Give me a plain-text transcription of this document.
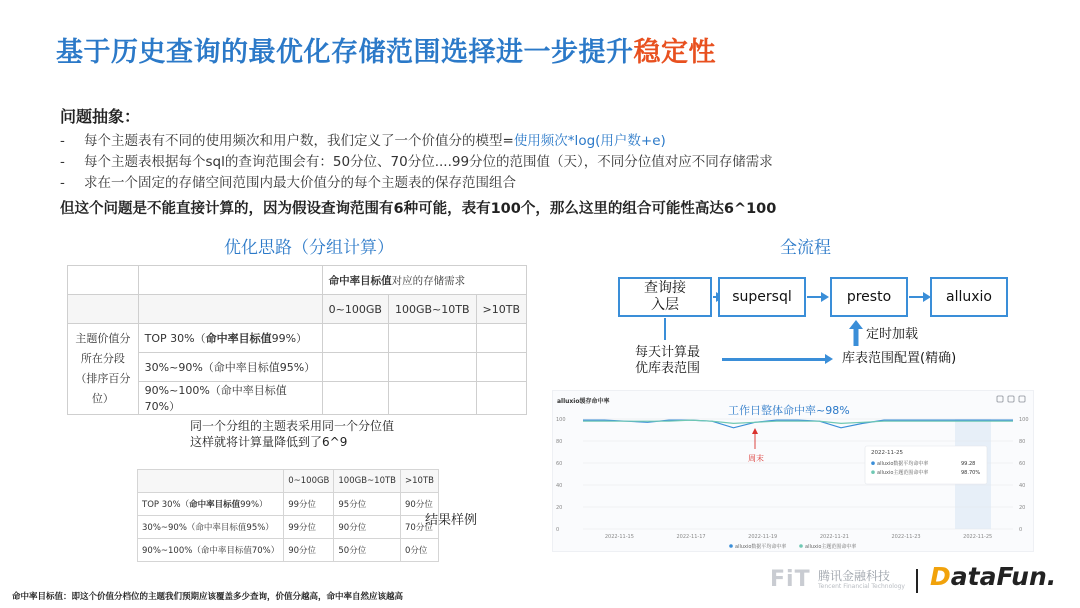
基于历史查询的最优化存储范围选择进一步提升稳定性
问题抽象：
- 每个主题表有不同的使用频次和用户数，我们定义了一个价值分的模型=使用频次*log(用户数+e)
- 每个主题表根据每个sql的查询范围会有：50分位、70分位....99分位的范围值（天），不同分位值对应不同存储需求
- 求在一个固定的存储空间范围内最大价值分的每个主题表的保存范围组合
但这个问题是不能直接计算的，因为假设查询范围有6种可能，表有100个，那么这里的组合可能性高达6^100
优化思路（分组计算）
		命中率目标值对应的存储需求		
		0~100GB	100GB~10TB	>10TB
主题价值分所在分段（排序百分位）	TOP 30%（命中率目标值99%）			
	30%~90%（命中率目标值95%）			
	90%~100%（命中率目标值70%）			
同一个分组的主题表采用同一个分位值
这样就将计算量降低到了6^9
	0~100GB	100GB~10TB	>10TB
TOP 30%（命中率目标值99%）	99分位	95分位	90分位
30%~90%（命中率目标值95%）	99分位	90分位	70分位
90%~100%（命中率目标值70%）	90分位	50分位	0分位
结果样例
全流程
查询接
入层
supersql	presto	alluxio
定时加载
每天计算最
优库表范围
库表范围配置(精确)
alluxio缓存命中率
0	0
20	20
40	40
60	60
80	80
100	100
2022-11-15	2022-11-17	2022-11-19	2022-11-21	2022-11-23	2022-11-25
工作日整体命中率~98%
周末
2022-11-25
alluxio数据平均命中率	99.28
alluxio主题范围命中率	98.70%
alluxio数据平均命中率	alluxio主题范围命中率
命中率目标值：即这个价值分档位的主题我们预期应该覆盖多少查询，价值分越高，命中率自然应该越高
FiT 腾讯金融科技
Tencent Financial Technology DataFun.
